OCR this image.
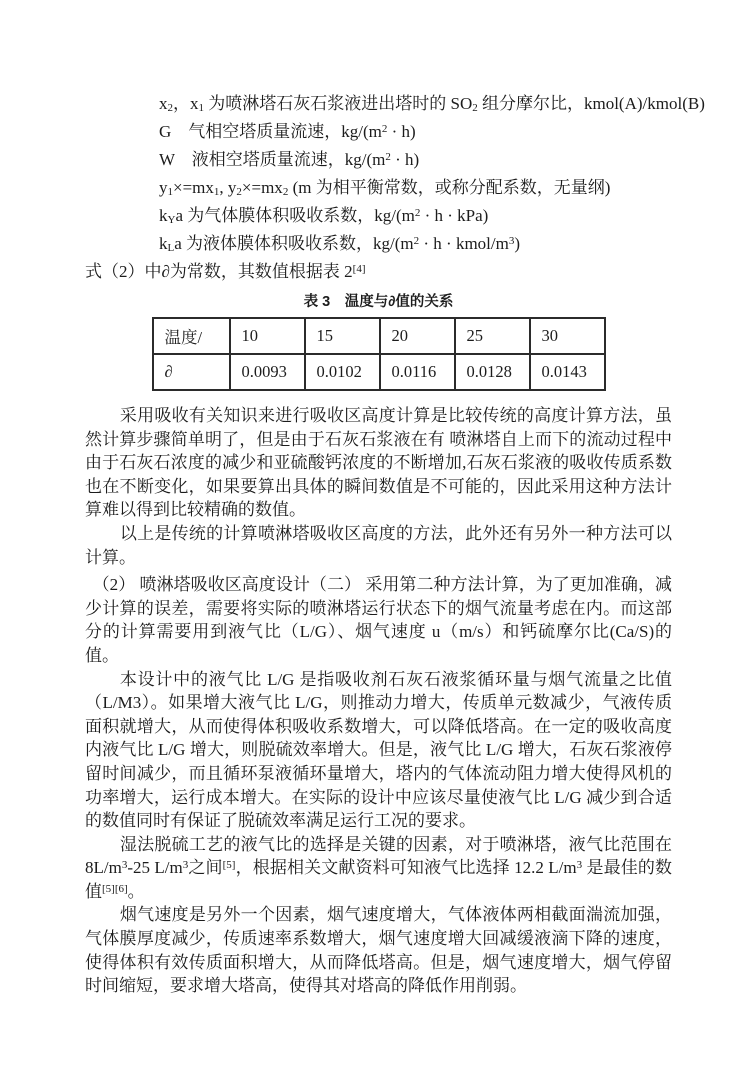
$x_2$，$x_1$ 为喷淋塔石灰石浆液进出塔时的 $SO_2$ 组分摩尔比，kmol(A)/kmol(B)
G　气相空塔质量流速，$kg/(m^2 \cdot h)$
W　液相空塔质量流速，$kg/(m^2 \cdot h)$
$y_1\times=mx_1$, $y_2\times=mx_2$ (m 为相平衡常数，或称分配系数，无量纲)
$k_Ya$ 为气体膜体积吸收系数，$kg/(m^2 \cdot h \cdot kPa)$
$k_La$ 为液体膜体积吸收系数，$kg/(m^2 \cdot h$ · kmol/$m^3$)
式（2）中∂为常数，其数值根据表 2[4]
表 3　温度与∂值的关系
温度/	10	15	20	25	30
∂	0.0093	0.0102	0.0116	0.0128	0.0143

采用吸收有关知识来进行吸收区高度计算是比较传统的高度计算方法，虽然计算步骤简单明了，但是由于石灰石浆液在有 喷淋塔自上而下的流动过程中由于石灰石浓度的减少和亚硫酸钙浓度的不断增加,石灰石浆液的吸收传质系数也在不断变化，如果要算出具体的瞬间数值是不可能的，因此采用这种方法计算难以得到比较精确的数值。

以上是传统的计算喷淋塔吸收区高度的方法，此外还有另外一种方法可以计算。

（2） 喷淋塔吸收区高度设计（二） 采用第二种方法计算，为了更加准确，减少计算的误差，需要将实际的喷淋塔运行状态下的烟气流量考虑在内。而这部分的计算需要用到液气比（L/G）、烟气速度 u（m/s）和钙硫摩尔比(Ca/S)的值。

本设计中的液气比 L/G 是指吸收剂石灰石液浆循环量与烟气流量之比值（L/M3）。如果增大液气比 L/G，则推动力增大，传质单元数减少，气液传质面积就增大，从而使得体积吸收系数增大，可以降低塔高。在一定的吸收高度内液气比 L/G 增大，则脱硫效率增大。但是，液气比 L/G 增大，石灰石浆液停留时间减少，而且循环泵液循环量增大，塔内的气体流动阻力增大使得风机的功率增大，运行成本增大。在实际的设计中应该尽量使液气比 L/G 减少到合适的数值同时有保证了脱硫效率满足运行工况的要求。

湿法脱硫工艺的液气比的选择是关键的因素，对于喷淋塔，液气比范围在$8L/m^3-25$ $L/m^3$之间[5]，根据相关文献资料可知液气比选择 12.2 $L/m^3$ 是最佳的数值[5][6]。

烟气速度是另外一个因素，烟气速度增大，气体液体两相截面湍流加强，气体膜厚度减少，传质速率系数增大，烟气速度增大回减缓液滴下降的速度，使得体积有效传质面积增大，从而降低塔高。但是，烟气速度增大，烟气停留时间缩短，要求增大塔高，使得其对塔高的降低作用削弱。
